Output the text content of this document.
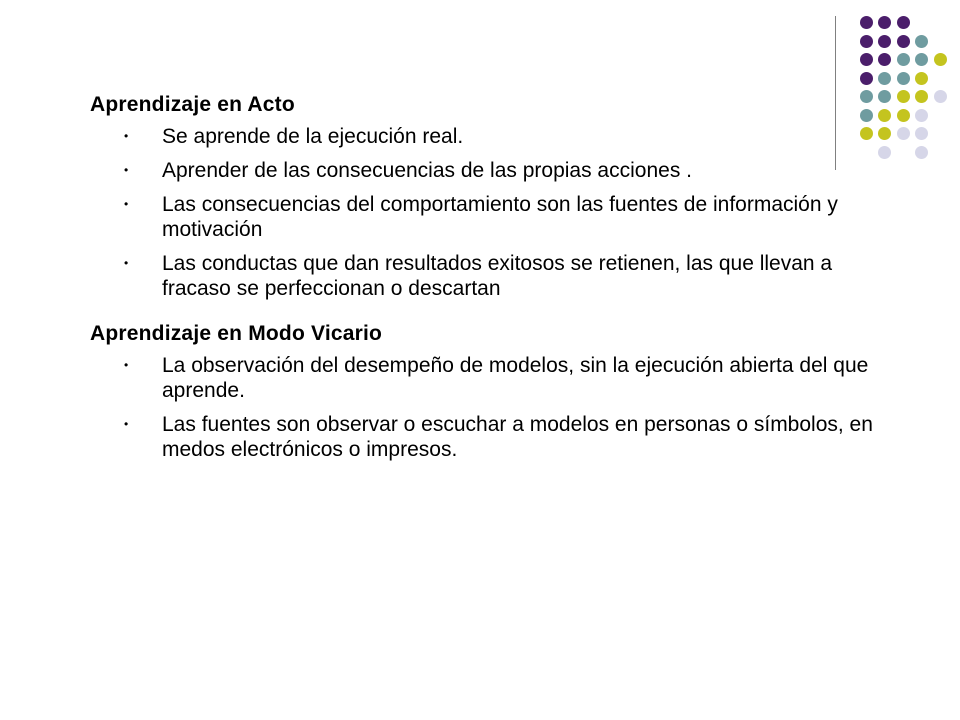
Aprendizaje en Acto

• Se aprende de la ejecución real.
• Aprender de las consecuencias de las propias acciones .
• Las consecuencias del comportamiento son las fuentes de información y motivación
• Las conductas que dan resultados exitosos se retienen, las que llevan a fracaso se perfeccionan o descartan

Aprendizaje en Modo Vicario

• La observación del desempeño de modelos, sin la ejecución abierta del que aprende.
• Las fuentes son observar o escuchar a modelos en personas o símbolos, en medos electrónicos o impresos.
